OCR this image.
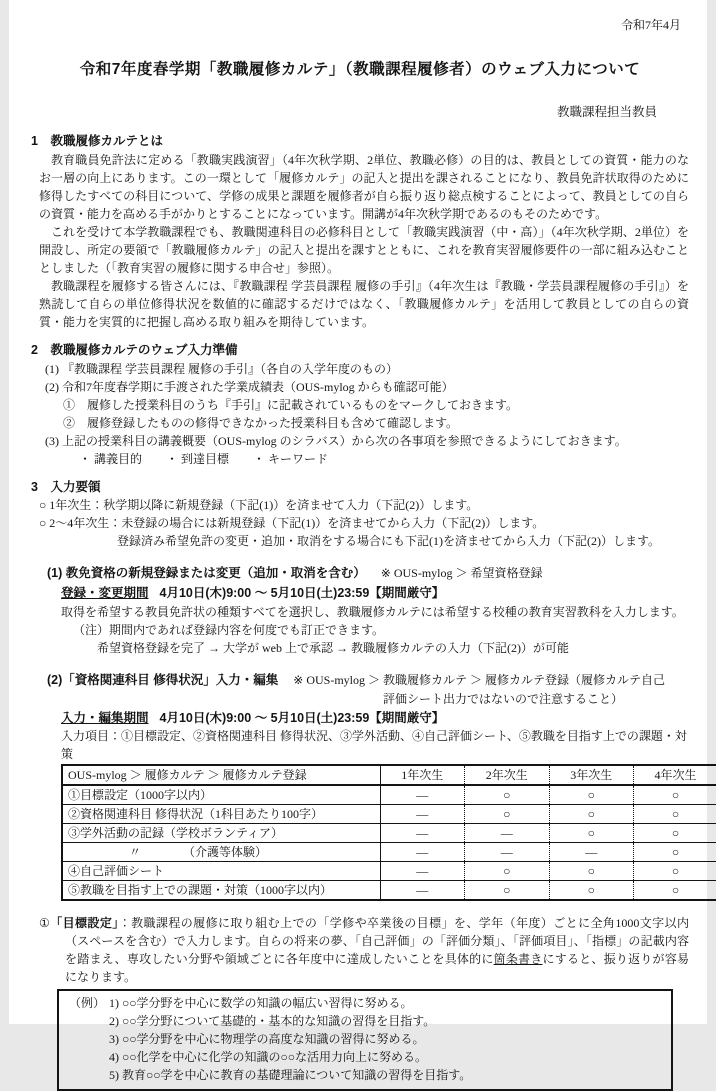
令和7年4月
令和7年度春学期「教職履修カルテ」（教職課程履修者）のウェブ入力について
教職課程担当教員
1　教職履修カルテとは

教育職員免許法に定める「教職実践演習」（4年次秋学期、2単位、教職必修）の目的は、教員としての資質・能力のなお一層の向上にあります。この一環として「履修カルテ」の記入と提出を課されることになり、教員免許状取得のために修得したすべての科目について、学修の成果と課題を履修者が自ら振り返り総点検することによって、教員としての自らの資質・能力を高める手がかりとすることになっています。開講が4年次秋学期であるのもそのためです。

これを受けて本学教職課程でも、教職関連科目の必修科目として「教職実践演習（中・高）」（4年次秋学期、2単位）を開設し、所定の要領で「教職履修カルテ」の記入と提出を課すとともに、これを教育実習履修要件の一部に組み込むこととしました（「教育実習の履修に関する申合せ」参照）。

教職課程を履修する皆さんには、『教職課程 学芸員課程 履修の手引』（4年次生は『教職・学芸員課程履修の手引』）を熟読して自らの単位修得状況を数値的に確認するだけではなく、「教職履修カルテ」を活用して教員としての自らの資質・能力を実質的に把握し高める取り組みを期待しています。

2　教職履修カルテのウェブ入力準備
(1) 『教職課程 学芸員課程 履修の手引』（各自の入学年度のもの）
(2) 令和7年度春学期に手渡された学業成績表（OUS-mylog からも確認可能）
①　履修した授業科目のうち『手引』に記載されているものをマークしておきます。
②　履修登録したものの修得できなかった授業科目も含めて確認します。
(3) 上記の授業科目の講義概要（OUS-mylog のシラバス）から次の各事項を参照できるようにしておきます。
・ 講義目的　　・ 到達目標　　・ キーワード
3　入力要領
○ 1年次生：秋学期以降に新規登録（下記(1)）を済ませて入力（下記(2)）します。
○ 2～4年次生：未登録の場合には新規登録（下記(1)）を済ませてから入力（下記(2)）します。
登録済み希望免許の変更・追加・取消をする場合にも下記(1)を済ませてから入力（下記(2)）します。
(1) 教免資格の新規登録または変更（追加・取消を含む） ※ OUS-mylog ＞ 希望資格登録
登録・変更期間 4月10日(木)9:00 ～ 5月10日(土)23:59【期間厳守】
取得を希望する教員免許状の種類すべてを選択し、教職履修カルテには希望する校種の教育実習教科を入力します。
（注）期間内であれば登録内容を何度でも訂正できます。
希望資格登録を完了 → 大学が web 上で承認 → 教職履修カルテの入力（下記(2)）が可能
(2)「資格関連科目 修得状況」入力・編集 ※ OUS-mylog ＞ 教職履修カルテ ＞ 履修カルテ登録（履修カルテ自己
評価シート出力ではないので注意すること）
入力・編集期間 4月10日(木)9:00 ～ 5月10日(土)23:59【期間厳守】
入力項目：①目標設定、②資格関連科目 修得状況、③学外活動、④自己評価シート、⑤教職を目指す上での課題・対策
OUS-mylog ＞ 履修カルテ ＞ 履修カルテ登録	1年次生	2年次生	3年次生	4年次生
①目標設定（1000字以内）	—	○	○	○
②資格関連科目 修得状況（1科目あたり100字）	—	○	○	○
③学外活動の記録（学校ボランティア）	—	—	○	○
〃　　　　（介護等体験）	—	—	—	○
④自己評価シート	—	○	○	○
⑤教職を目指す上での課題・対策（1000字以内）	—	○	○	○

①「目標設定」：教職課程の履修に取り組む上での「学修や卒業後の目標」を、学年（年度）ごとに全角1000文字以内（スペースを含む）で入力します。自らの将来の夢、「自己評価」の「評価分類」、「評価項目」、「指標」の記載内容を踏まえ、専攻したい分野や領域ごとに各年度中に達成したいことを具体的に箇条書きにすると、振り返りが容易になります。

（例） 1) ○○学分野を中心に数学の知識の幅広い習得に努める。
2) ○○学分野について基礎的・基本的な知識の習得を目指す。
3) ○○学分野を中心に物理学の高度な知識の習得に努める。
4) ○○化学を中心に化学の知識の○○な活用力向上に努める。
5) 教育○○学を中心に教育の基礎理論について知識の習得を目指す。
